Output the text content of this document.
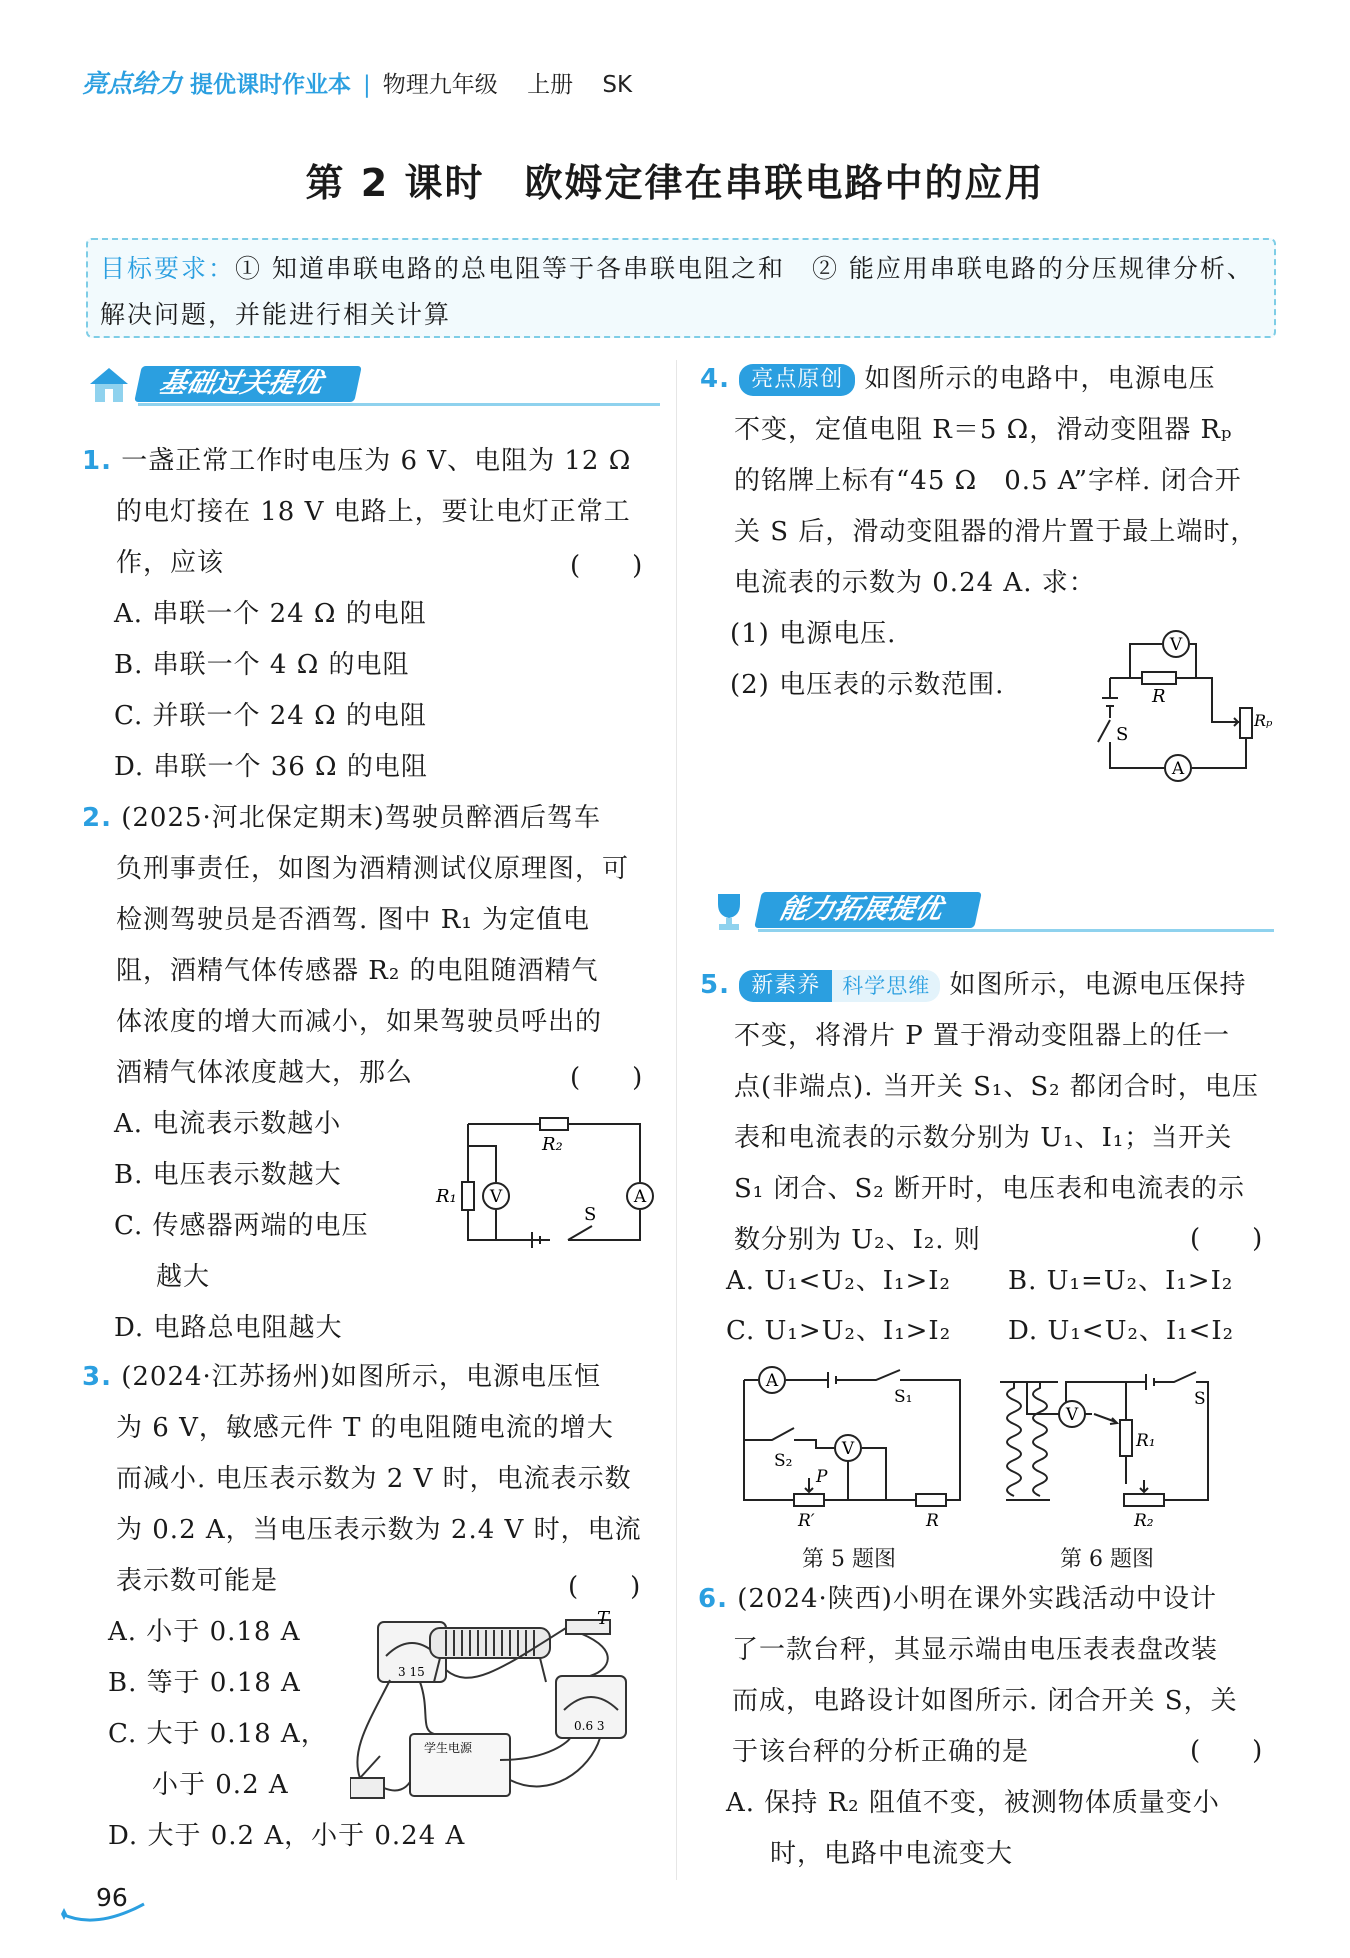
亮点给力 提优课时作业本 | 物理九年级 上册 SK
第 2 课时　欧姆定律在串联电路中的应用
目标要求：① 知道串联电路的总电阻等于各串联电阻之和　② 能应用串联电路的分压规律分析、解决问题，并能进行相关计算
基础过关提优
1. 一盏正常工作时电压为 6 V、电阻为 12 Ω
的电灯接在 18 V 电路上，要让电灯正常工
作，应该
A. 串联一个 24 Ω 的电阻
B. 串联一个 4 Ω 的电阻
C. 并联一个 24 Ω 的电阻
D. 串联一个 36 Ω 的电阻
(　　)
2. (2025·河北保定期末)驾驶员醉酒后驾车
负刑事责任，如图为酒精测试仪原理图，可
检测驾驶员是否酒驾. 图中 R₁ 为定值电
阻，酒精气体传感器 R₂ 的电阻随酒精气
体浓度的增大而减小，如果驾驶员呼出的
酒精气体浓度越大，那么
A. 电流表示数越小
B. 电压表示数越大
C. 传感器两端的电压
越大
D. 电路总电阻越大
(　　)
V	A
R₂
R₁
S
3. (2024·江苏扬州)如图所示，电源电压恒
为 6 V，敏感元件 T 的电阻随电流的增大
而减小. 电压表示数为 2 V 时，电流表示数
为 0.2 A，当电压表示数为 2.4 V 时，电流
表示数可能是
A. 小于 0.18 A
B. 等于 0.18 A
C. 大于 0.18 A，
小于 0.2 A
D. 大于 0.2 A，小于 0.24 A
(　　)
T
3 15
0.6 3
学生电源
4. 亮点原创 如图所示的电路中，电源电压
不变，定值电阻 R＝5 Ω，滑动变阻器 Rₚ
的铭牌上标有“45 Ω　0.5 A”字样. 闭合开
关 S 后，滑动变阻器的滑片置于最上端时，
电流表的示数为 0.24 A. 求：
(1) 电源电压.
(2) 电压表的示数范围.
V
A
R
Rₚ
S
能力拓展提优
5. 新素养 科学思维 如图所示，电源电压保持
不变，将滑片 P 置于滑动变阻器上的任一
点(非端点). 当开关 S₁、S₂ 都闭合时，电压
表和电流表的示数分别为 U₁、I₁；当开关
S₁ 闭合、S₂ 断开时，电压表和电流表的示
数分别为 U₂、I₂. 则	(　　)
A. U₁<U₂、I₁>I₂ B. U₁=U₂、I₁>I₂
C. U₁>U₂、I₁>I₂ D. U₁<U₂、I₁<I₂
A
V
S₁
S₂
P
R′	R
第 5 题图
V
S
R₁
R₂
第 6 题图
6. (2024·陕西)小明在课外实践活动中设计
了一款台秤，其显示端由电压表表盘改装
而成，电路设计如图所示. 闭合开关 S，关
于该台秤的分析正确的是
A. 保持 R₂ 阻值不变，被测物体质量变小
时，电路中电流变大
(　　)
96
